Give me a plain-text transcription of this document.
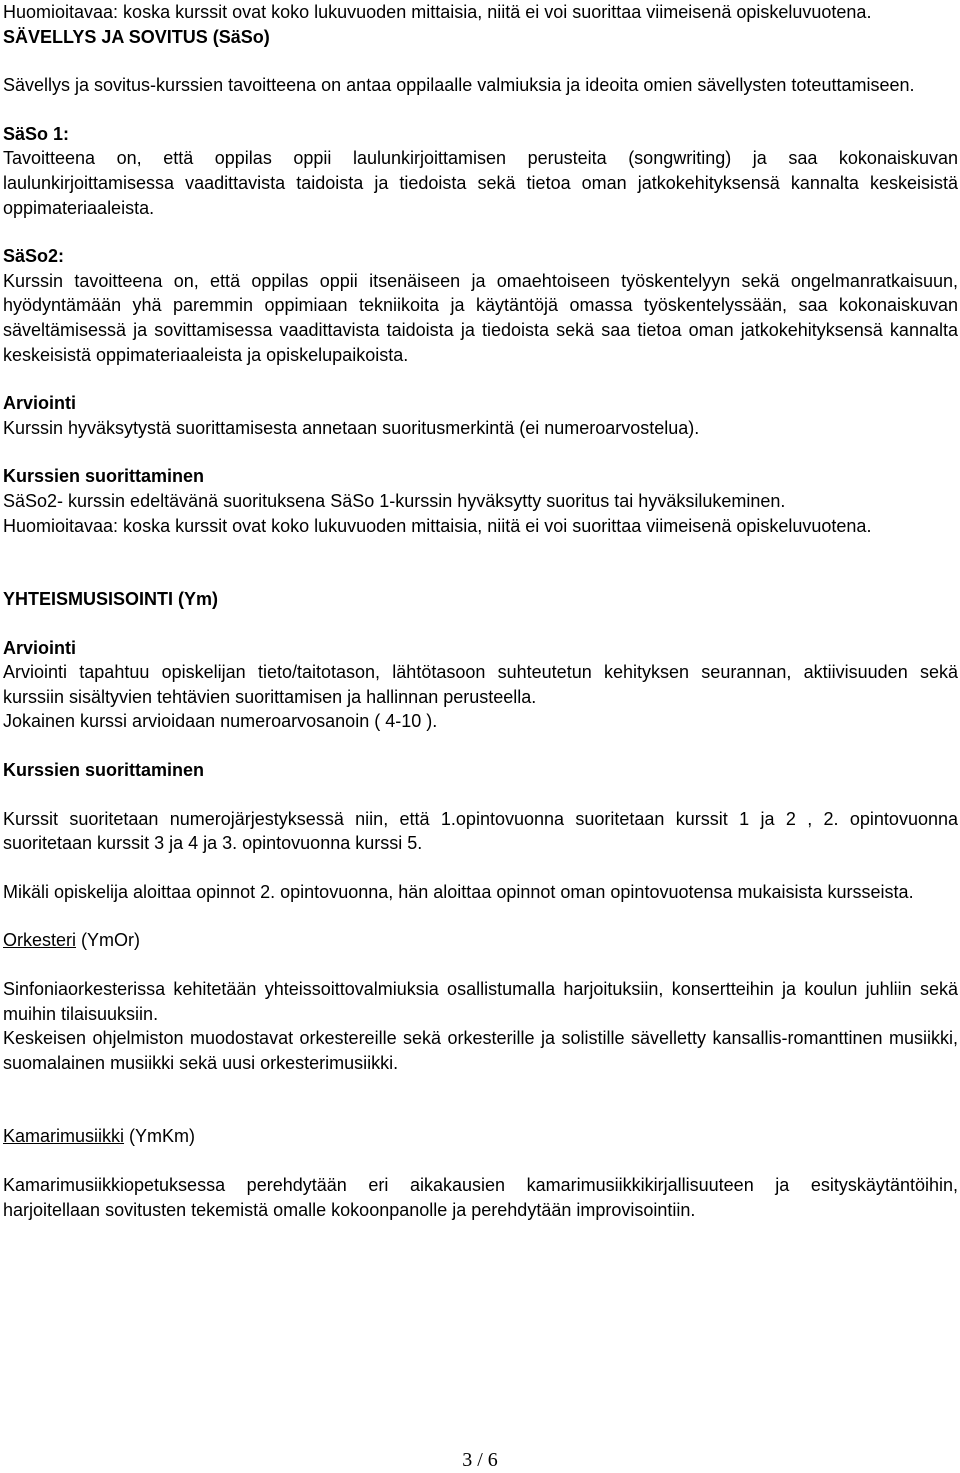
Huomioitavaa: koska kurssit ovat koko lukuvuoden mittaisia, niitä ei voi suorittaa viimeisenä opiskeluvuotena.

SÄVELLYS JA SOVITUS (SäSo)

Sävellys ja sovitus-kurssien tavoitteena on antaa oppilaalle valmiuksia ja ideoita omien sävellysten toteuttamiseen.

SäSo 1:

Tavoitteena on, että oppilas oppii laulunkirjoittamisen perusteita (songwriting) ja saa kokonaiskuvan laulunkirjoittamisessa vaadittavista taidoista ja tiedoista sekä tietoa oman jatkokehityksensä kannalta keskeisistä oppimateriaaleista.

SäSo2:

Kurssin tavoitteena on, että oppilas oppii itsenäiseen ja omaehtoiseen työskentelyyn sekä ongelmanratkaisuun, hyödyntämään yhä paremmin oppimiaan tekniikoita ja käytäntöjä omassa työskentelyssään, saa kokonaiskuvan säveltämisessä ja sovittamisessa vaadittavista taidoista ja tiedoista sekä saa tietoa oman jatkokehityksensä kannalta keskeisistä oppimateriaaleista ja opiskelupaikoista.

Arviointi

Kurssin hyväksytystä suorittamisesta annetaan suoritusmerkintä (ei numeroarvostelua).

Kurssien suorittaminen

SäSo2- kurssin edeltävänä suorituksena SäSo 1-kurssin hyväksytty suoritus tai hyväksilukeminen.

Huomioitavaa: koska kurssit ovat koko lukuvuoden mittaisia, niitä ei voi suorittaa viimeisenä opiskeluvuotena.

YHTEISMUSISOINTI (Ym)

Arviointi

Arviointi tapahtuu opiskelijan tieto/taitotason, lähtötasoon suhteutetun kehityksen seurannan, aktiivisuuden sekä kurssiin sisältyvien tehtävien suorittamisen ja hallinnan perusteella.

Jokainen kurssi arvioidaan numeroarvosanoin ( 4-10 ).

Kurssien suorittaminen

Kurssit suoritetaan numerojärjestyksessä niin, että 1.opintovuonna suoritetaan kurssit 1 ja 2 , 2. opintovuonna suoritetaan kurssit 3 ja 4 ja 3. opintovuonna kurssi 5.

Mikäli opiskelija aloittaa opinnot 2. opintovuonna, hän aloittaa opinnot oman opintovuotensa mukaisista kursseista.

Orkesteri (YmOr)

Sinfoniaorkesterissa kehitetään yhteissoittovalmiuksia osallistumalla harjoituksiin, konsertteihin ja koulun juhliin sekä muihin tilaisuuksiin.

Keskeisen ohjelmiston muodostavat orkestereille sekä orkesterille ja solistille sävelletty kansallis-romanttinen musiikki, suomalainen musiikki sekä uusi orkesterimusiikki.

Kamarimusiikki (YmKm)

Kamarimusiikkiopetuksessa perehdytään eri aikakausien kamarimusiikkikirjallisuuteen ja esityskäytäntöihin, harjoitellaan sovitusten tekemistä omalle kokoonpanolle ja perehdytään improvisointiin.

3 / 6
